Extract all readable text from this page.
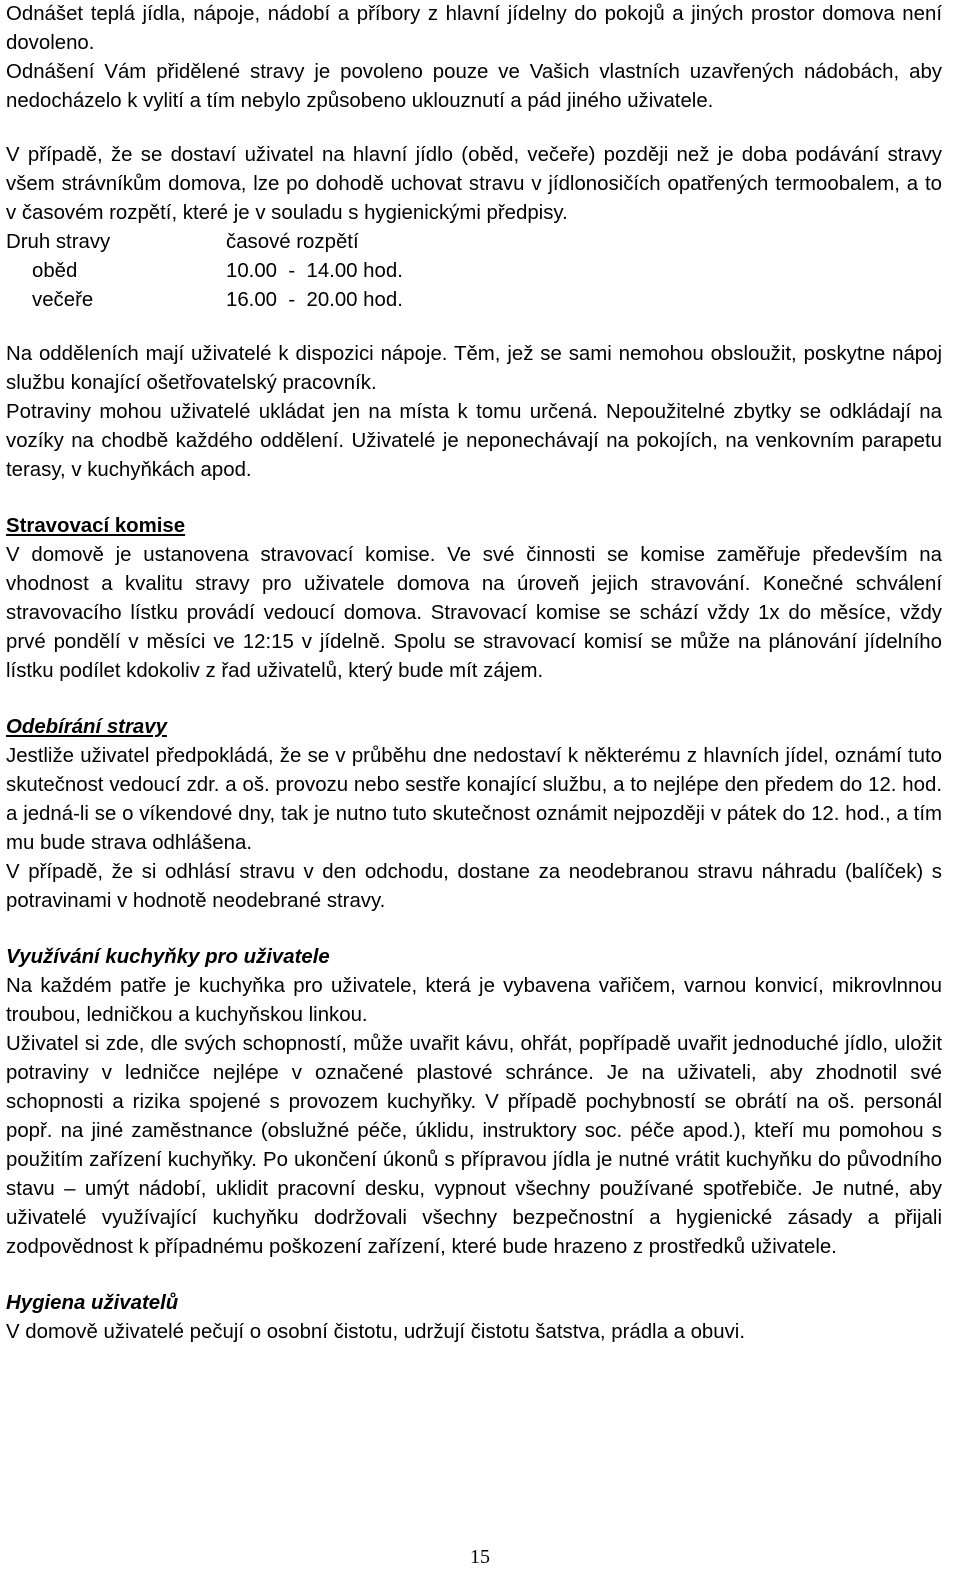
Odnášet teplá jídla, nápoje, nádobí a příbory z hlavní jídelny do pokojů a jiných prostor domova není dovoleno.

Odnášení Vám přidělené stravy je povoleno pouze ve Vašich vlastních uzavřených nádobách, aby nedocházelo k vylití a tím nebylo způsobeno uklouznutí a pád jiného uživatele.

V případě, že se dostaví uživatel na hlavní jídlo (oběd, večeře) později než je doba podávání stravy všem strávníkům domova, lze po dohodě uchovat stravu v jídlonosičích opatřených termoobalem, a to v časovém rozpětí, které je v souladu s hygienickými předpisy.

Druh stravy	časové rozpětí
oběd	10.00  -  14.00 hod.
večeře	16.00  -  20.00 hod.

Na odděleních mají uživatelé k dispozici nápoje. Těm, jež se sami nemohou obsloužit, poskytne nápoj službu konající ošetřovatelský pracovník.

Potraviny mohou uživatelé ukládat jen na místa k tomu určená. Nepoužitelné zbytky se odkládají na vozíky na chodbě každého oddělení. Uživatelé je neponechávají na pokojích, na venkovním parapetu terasy, v kuchyňkách apod.

Stravovací komise

V domově je ustanovena stravovací komise. Ve své činnosti se komise zaměřuje především na vhodnost a kvalitu stravy pro uživatele domova na úroveň jejich stravování. Konečné schválení stravovacího lístku provádí vedoucí domova. Stravovací komise se schází vždy 1x do měsíce, vždy prvé pondělí v měsíci ve 12:15 v jídelně. Spolu se stravovací komisí se může na plánování jídelního lístku podílet kdokoliv z řad uživatelů, který bude mít zájem.

Odebírání stravy

Jestliže uživatel předpokládá, že se v průběhu dne nedostaví k některému z hlavních jídel, oznámí tuto skutečnost vedoucí zdr. a oš. provozu nebo sestře konající službu, a to nejlépe den předem do 12. hod. a jedná-li se o víkendové dny, tak je nutno tuto skutečnost oznámit nejpozději v pátek do 12. hod., a tím mu bude strava odhlášena.

V případě, že si odhlásí stravu v den odchodu, dostane za neodebranou stravu náhradu (balíček) s potravinami v hodnotě neodebrané stravy.

Využívání kuchyňky pro uživatele

Na každém patře je kuchyňka pro uživatele, která je vybavena vařičem, varnou konvicí, mikrovlnnou troubou, ledničkou a kuchyňskou linkou.

Uživatel si zde, dle svých schopností, může uvařit kávu, ohřát, popřípadě uvařit jednoduché jídlo, uložit potraviny v ledničce nejlépe v označené plastové schránce. Je na uživateli, aby zhodnotil své schopnosti a rizika spojené s provozem kuchyňky. V případě pochybností se obrátí na oš. personál popř. na jiné zaměstnance (obslužné péče, úklidu, instruktory soc. péče apod.), kteří mu pomohou s použitím zařízení kuchyňky. Po ukončení úkonů s přípravou jídla je nutné vrátit kuchyňku do původního stavu – umýt nádobí, uklidit pracovní desku, vypnout všechny používané spotřebiče. Je nutné, aby uživatelé využívající kuchyňku dodržovali všechny bezpečnostní a hygienické zásady a přijali zodpovědnost k případnému poškození zařízení, které bude hrazeno z prostředků uživatele.

Hygiena uživatelů

V domově uživatelé pečují o osobní čistotu, udržují čistotu šatstva, prádla a obuvi.

15
